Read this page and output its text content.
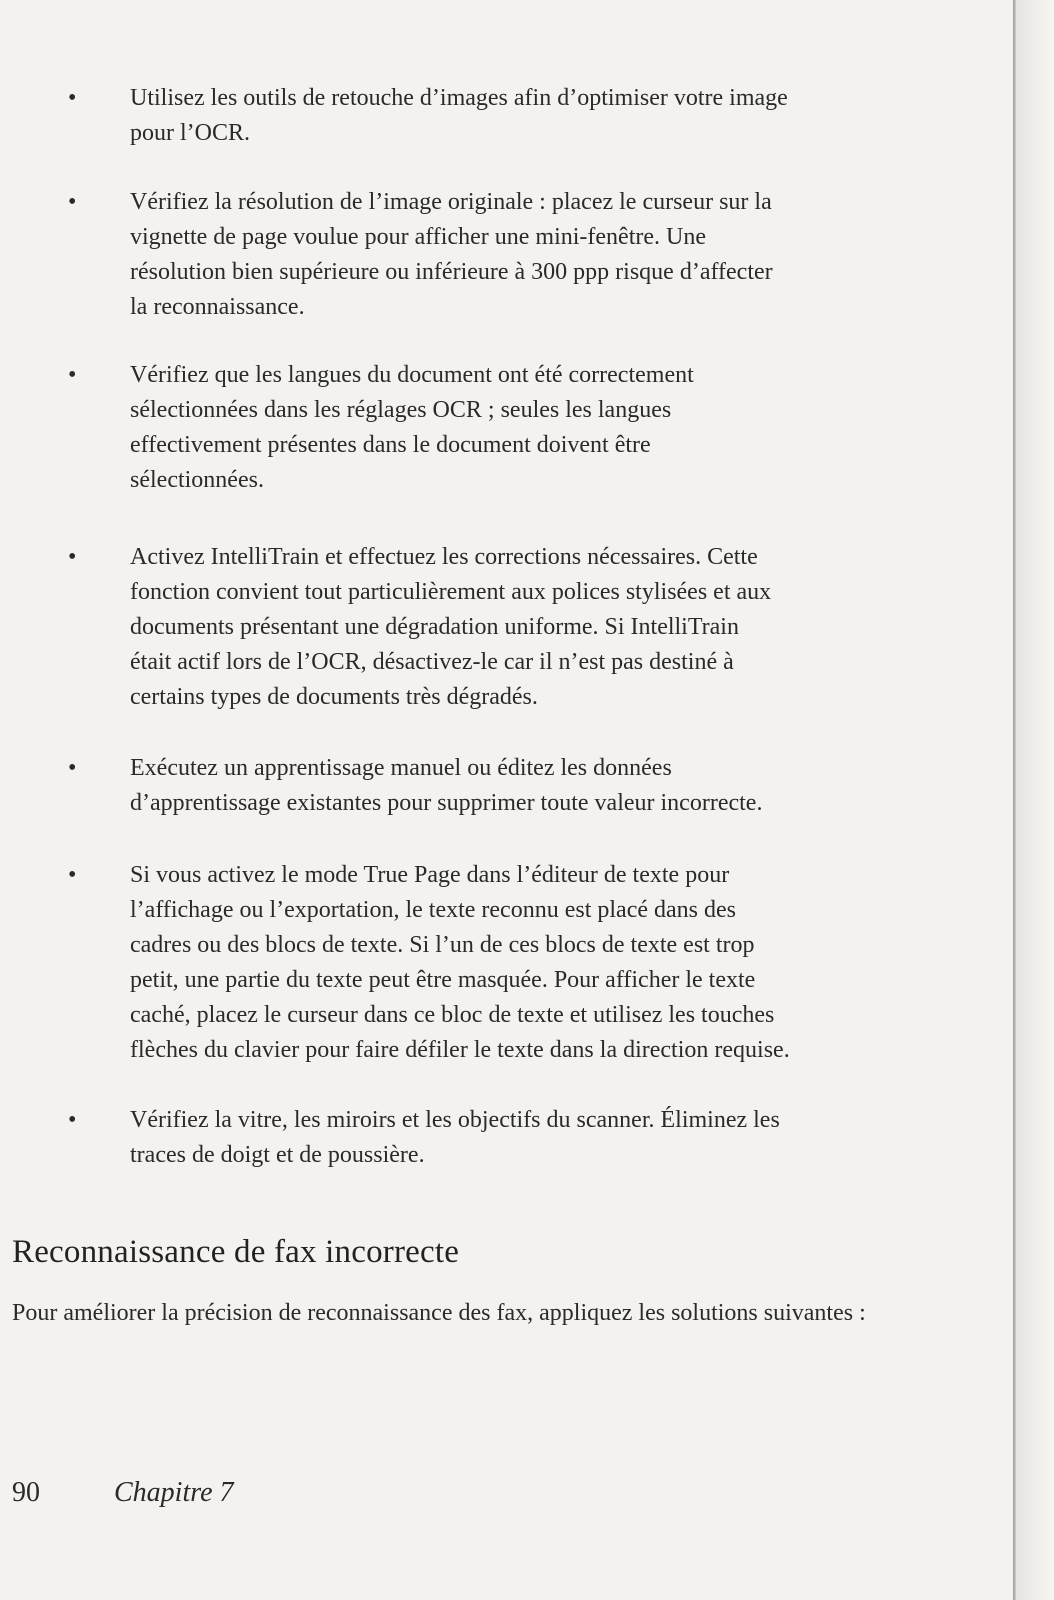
• Utilisez les outils de retouche d’images afin d’optimiser votre image
pour l’OCR.
• Vérifiez la résolution de l’image originale : placez le curseur sur la
vignette de page voulue pour afficher une mini-fenêtre. Une
résolution bien supérieure ou inférieure à 300 ppp risque d’affecter
la reconnaissance.
• Vérifiez que les langues du document ont été correctement
sélectionnées dans les réglages OCR ; seules les langues
effectivement présentes dans le document doivent être
sélectionnées.
• Activez IntelliTrain et effectuez les corrections nécessaires. Cette
fonction convient tout particulièrement aux polices stylisées et aux
documents présentant une dégradation uniforme. Si IntelliTrain
était actif lors de l’OCR, désactivez-le car il n’est pas destiné à
certains types de documents très dégradés.
• Exécutez un apprentissage manuel ou éditez les données
d’apprentissage existantes pour supprimer toute valeur incorrecte.
• Si vous activez le mode True Page dans l’éditeur de texte pour
l’affichage ou l’exportation, le texte reconnu est placé dans des
cadres ou des blocs de texte. Si l’un de ces blocs de texte est trop
petit, une partie du texte peut être masquée. Pour afficher le texte
caché, placez le curseur dans ce bloc de texte et utilisez les touches
flèches du clavier pour faire défiler le texte dans la direction requise.
• Vérifiez la vitre, les miroirs et les objectifs du scanner. Éliminez les
traces de doigt et de poussière.
Reconnaissance de fax incorrecte

Pour améliorer la précision de reconnaissance des fax, appliquez les solutions suivantes :

90	Chapitre 7
